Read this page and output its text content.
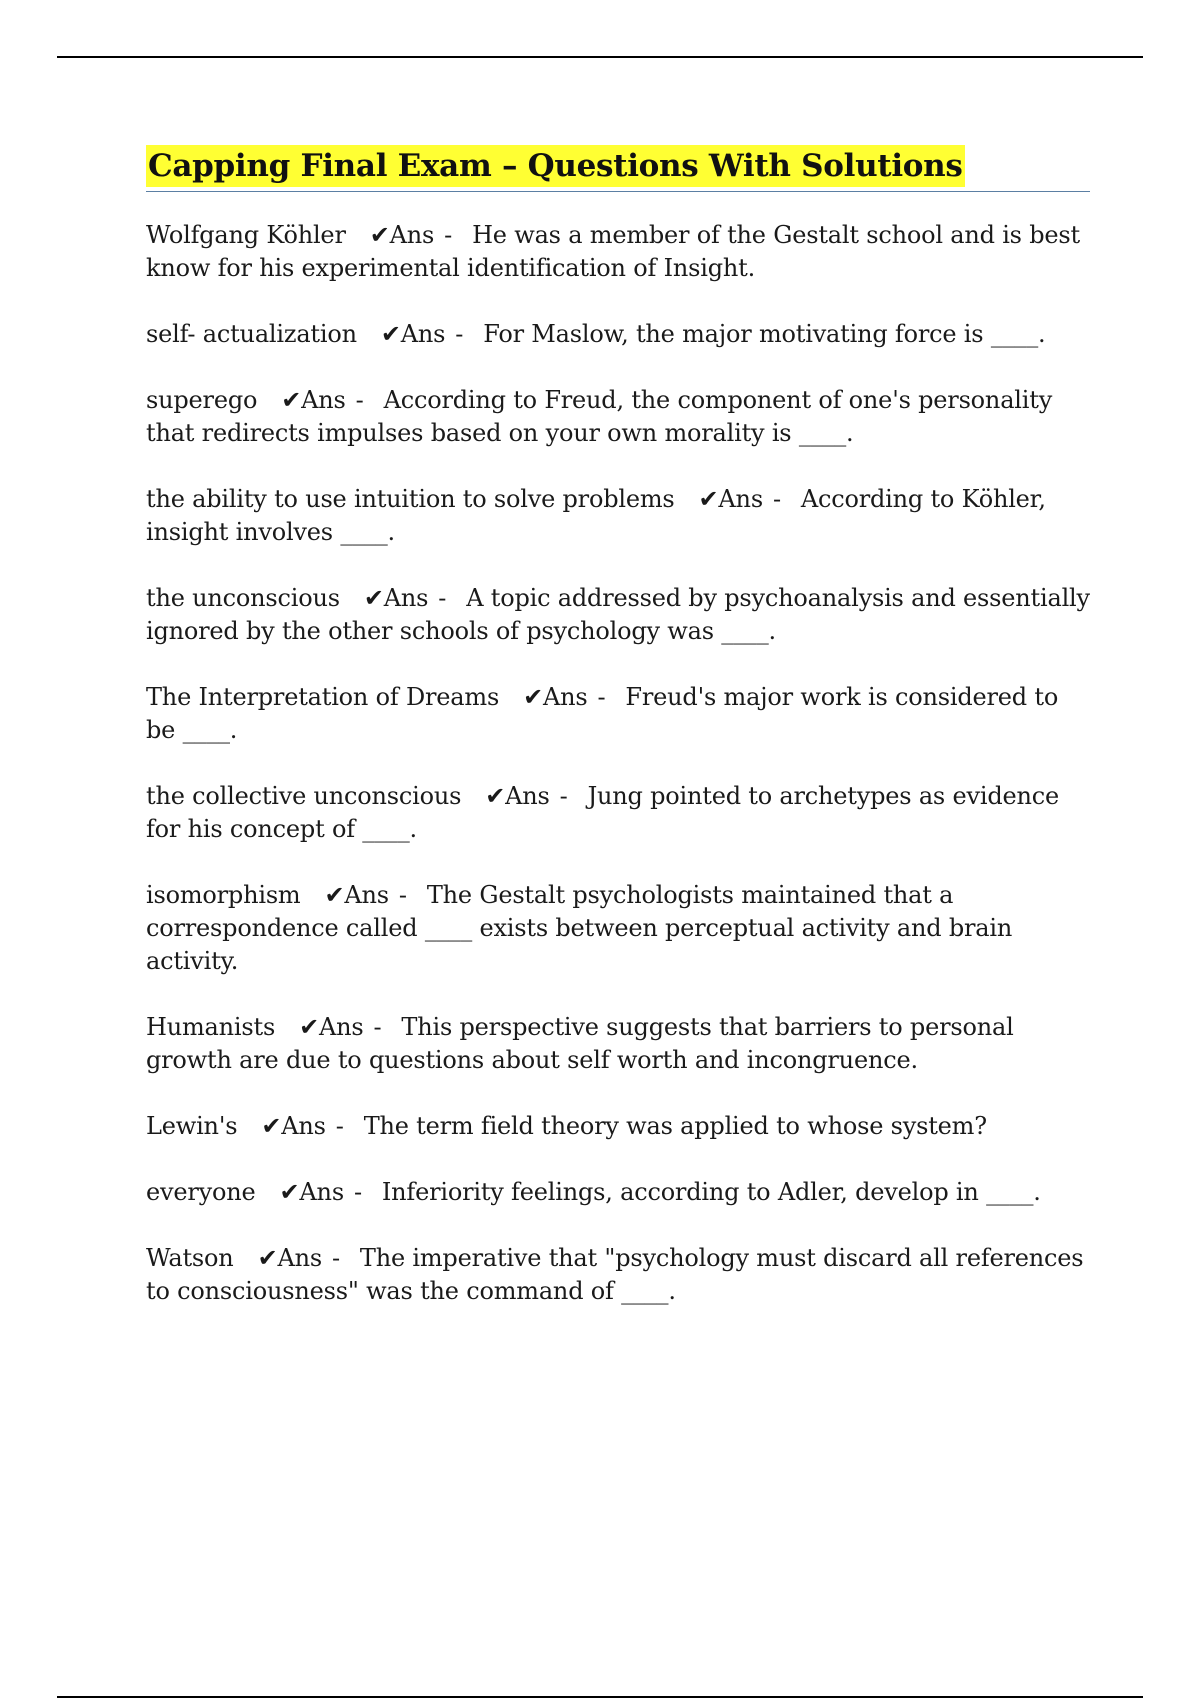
Capping Final Exam – Questions With Solutions

Wolfgang Köhler ✔Ans - He was a member of the Gestalt school and is best know for his experimental identification of Insight.

self- actualization ✔Ans - For Maslow, the major motivating force is ____.

superego ✔Ans - According to Freud, the component of one's personality that redirects impulses based on your own morality is ____.

the ability to use intuition to solve problems ✔Ans - According to Köhler, insight involves ____.

the unconscious ✔Ans - A topic addressed by psychoanalysis and essentially ignored by the other schools of psychology was ____.

The Interpretation of Dreams ✔Ans - Freud's major work is considered to be ____.

the collective unconscious ✔Ans - Jung pointed to archetypes as evidence for his concept of ____.

isomorphism ✔Ans - The Gestalt psychologists maintained that a correspondence called ____ exists between perceptual activity and brain activity.

Humanists ✔Ans - This perspective suggests that barriers to personal growth are due to questions about self worth and incongruence.

Lewin's ✔Ans - The term field theory was applied to whose system?

everyone ✔Ans - Inferiority feelings, according to Adler, develop in ____.

Watson ✔Ans - The imperative that "psychology must discard all references to consciousness" was the command of ____.
